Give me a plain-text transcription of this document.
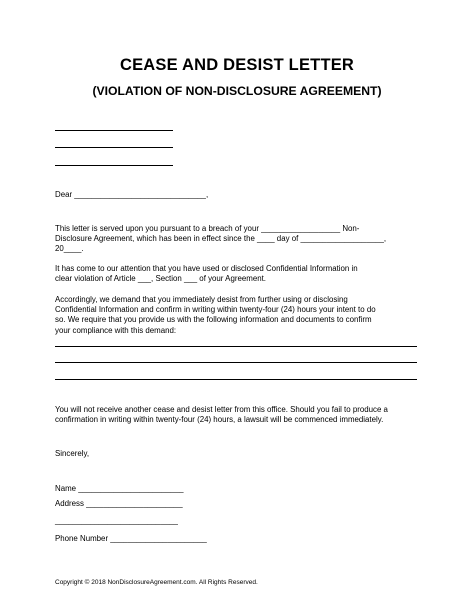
CEASE AND DESIST LETTER
(VIOLATION OF NON-DISCLOSURE AGREEMENT)
Dear ______________________________,
This letter is served upon you pursuant to a breach of your __________________ Non-
Disclosure Agreement, which has been in effect since the ____ day of ___________________,
20____.
It has come to our attention that you have used or disclosed Confidential Information in
clear violation of Article ___, Section ___ of your Agreement.
Accordingly, we demand that you immediately desist from further using or disclosing
Confidential Information and confirm in writing within twenty-four (24) hours your intent to do
so. We require that you provide us with the following information and documents to confirm
your compliance with this demand:
You will not receive another cease and desist letter from this office. Should you fail to produce a
confirmation in writing within twenty-four (24) hours, a lawsuit will be commenced immediately.
Sincerely,
Name ________________________
Address ______________________
____________________________
Phone Number ______________________
Copyright © 2018 NonDisclosureAgreement.com. All Rights Reserved.
